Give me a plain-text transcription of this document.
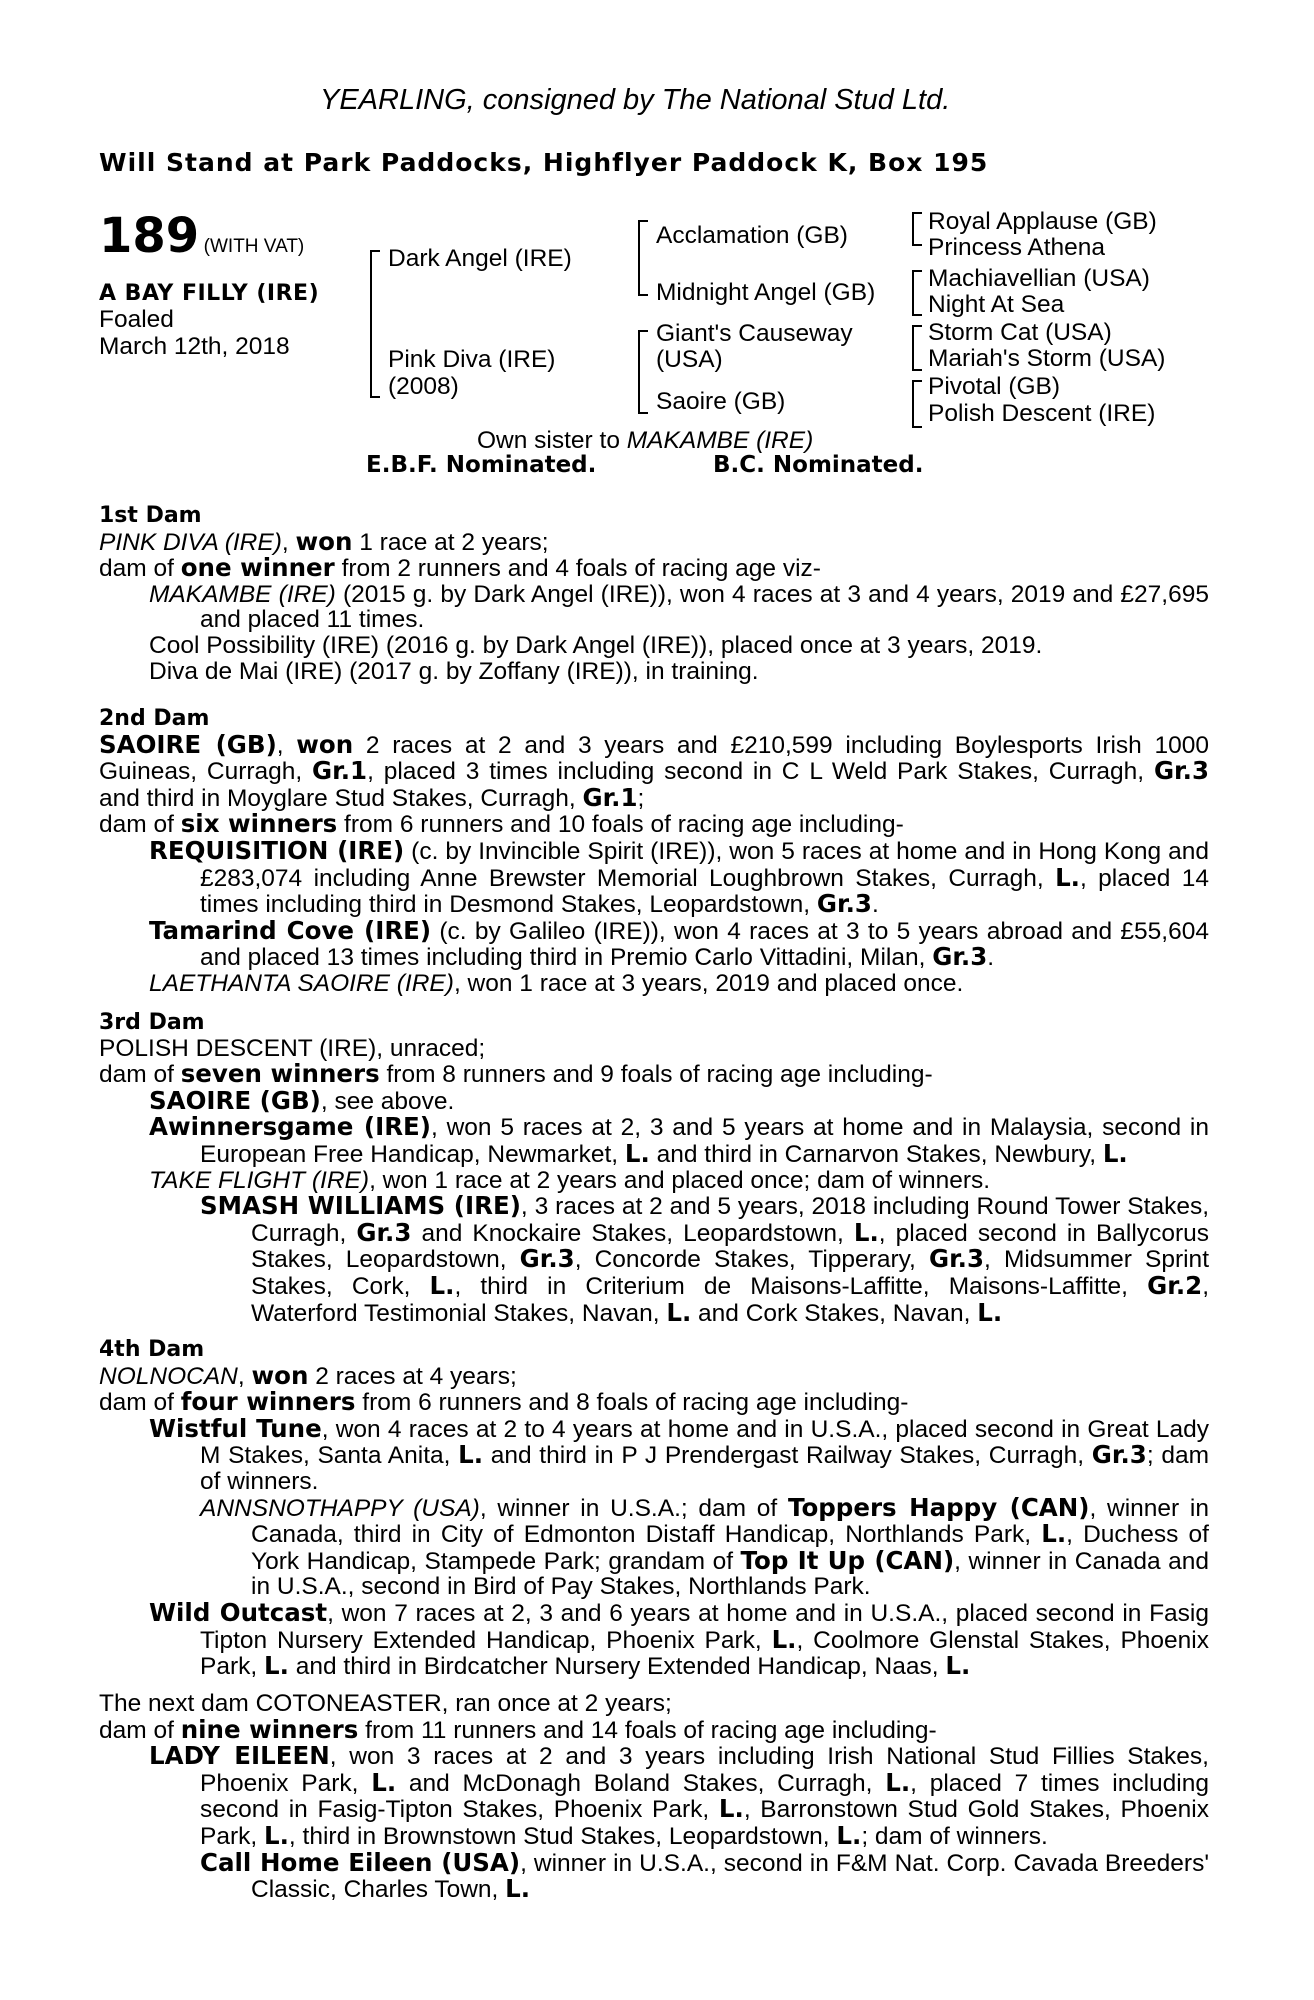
YEARLING, consigned by The National Stud Ltd.
Will Stand at Park Paddocks, Highflyer Paddock K, Box 195
189 (WITH VAT)
A BAY FILLY (IRE)
Foaled
March 12th, 2018
Dark Angel (IRE)
Pink Diva (IRE)
(2008)
Acclamation (GB)
Midnight Angel (GB)
Giant's Causeway
(USA)
Saoire (GB)
Royal Applause (GB)
Princess Athena
Machiavellian (USA)
Night At Sea
Storm Cat (USA)
Mariah's Storm (USA)
Pivotal (GB)
Polish Descent (IRE)
Own sister to MAKAMBE (IRE)
E.B.F. Nominated.	B.C. Nominated.

1st Dam

PINK DIVA (IRE), won 1 race at 2 years;

dam of one winner from 2 runners and 4 foals of racing age viz-

MAKAMBE (IRE) (2015 g. by Dark Angel (IRE)), won 4 races at 3 and 4 years, 2019 and £27,695 and placed 11 times.

Cool Possibility (IRE) (2016 g. by Dark Angel (IRE)), placed once at 3 years, 2019.

Diva de Mai (IRE) (2017 g. by Zoffany (IRE)), in training.

2nd Dam

SAOIRE (GB), won 2 races at 2 and 3 years and £210,599 including Boylesports Irish 1000 Guineas, Curragh, Gr.1, placed 3 times including second in C L Weld Park Stakes, Curragh, Gr.3 and third in Moyglare Stud Stakes, Curragh, Gr.1;

dam of six winners from 6 runners and 10 foals of racing age including-

REQUISITION (IRE) (c. by Invincible Spirit (IRE)), won 5 races at home and in Hong Kong and £283,074 including Anne Brewster Memorial Loughbrown Stakes, Curragh, L., placed 14 times including third in Desmond Stakes, Leopardstown, Gr.3.

Tamarind Cove (IRE) (c. by Galileo (IRE)), won 4 races at 3 to 5 years abroad and £55,604 and placed 13 times including third in Premio Carlo Vittadini, Milan, Gr.3.

LAETHANTA SAOIRE (IRE), won 1 race at 3 years, 2019 and placed once.

3rd Dam

POLISH DESCENT (IRE), unraced;

dam of seven winners from 8 runners and 9 foals of racing age including-

SAOIRE (GB), see above.

Awinnersgame (IRE), won 5 races at 2, 3 and 5 years at home and in Malaysia, second in European Free Handicap, Newmarket, L. and third in Carnarvon Stakes, Newbury, L.

TAKE FLIGHT (IRE), won 1 race at 2 years and placed once; dam of winners.

SMASH WILLIAMS (IRE), 3 races at 2 and 5 years, 2018 including Round Tower Stakes, Curragh, Gr.3 and Knockaire Stakes, Leopardstown, L., placed second in Ballycorus Stakes, Leopardstown, Gr.3, Concorde Stakes, Tipperary, Gr.3, Midsummer Sprint Stakes, Cork, L., third in Criterium de Maisons-Laffitte, Maisons-Laffitte, Gr.2, Waterford Testimonial Stakes, Navan, L. and Cork Stakes, Navan, L.

4th Dam

NOLNOCAN, won 2 races at 4 years;

dam of four winners from 6 runners and 8 foals of racing age including-

Wistful Tune, won 4 races at 2 to 4 years at home and in U.S.A., placed second in Great Lady M Stakes, Santa Anita, L. and third in P J Prendergast Railway Stakes, Curragh, Gr.3; dam of winners.

ANNSNOTHAPPY (USA), winner in U.S.A.; dam of Toppers Happy (CAN), winner in Canada, third in City of Edmonton Distaff Handicap, Northlands Park, L., Duchess of York Handicap, Stampede Park; grandam of Top It Up (CAN), winner in Canada and in U.S.A., second in Bird of Pay Stakes, Northlands Park.

Wild Outcast, won 7 races at 2, 3 and 6 years at home and in U.S.A., placed second in Fasig Tipton Nursery Extended Handicap, Phoenix Park, L., Coolmore Glenstal Stakes, Phoenix Park, L. and third in Birdcatcher Nursery Extended Handicap, Naas, L.

The next dam COTONEASTER, ran once at 2 years;

dam of nine winners from 11 runners and 14 foals of racing age including-

LADY EILEEN, won 3 races at 2 and 3 years including Irish National Stud Fillies Stakes, Phoenix Park, L. and McDonagh Boland Stakes, Curragh, L., placed 7 times including second in Fasig-Tipton Stakes, Phoenix Park, L., Barronstown Stud Gold Stakes, Phoenix Park, L., third in Brownstown Stud Stakes, Leopardstown, L.; dam of winners.

Call Home Eileen (USA), winner in U.S.A., second in F&M Nat. Corp. Cavada Breeders' Classic, Charles Town, L.
